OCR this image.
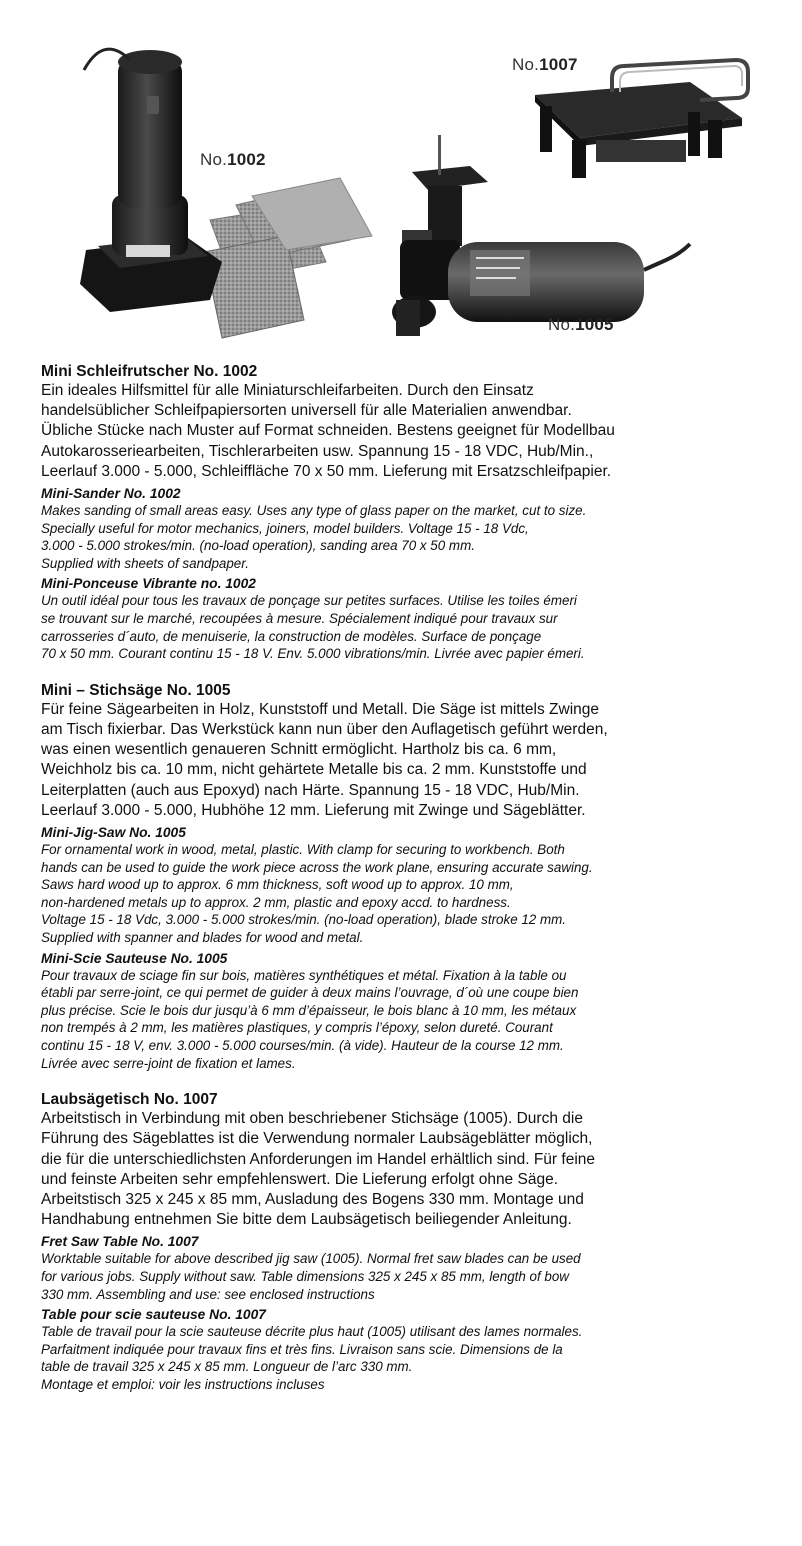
No.1002
No.1007
No.1005

Mini Schleifrutscher No. 1002

Ein ideales Hilfsmittel für alle Miniaturschleifarbeiten. Durch den Einsatz
handelsüblicher Schleifpapiersorten universell für alle Materialien anwendbar.
Übliche Stücke nach Muster auf Format schneiden. Bestens geeignet für Modellbau
Autokarosseriearbeiten, Tischlerarbeiten usw. Spannung 15 - 18 VDC, Hub/Min.,
Leerlauf 3.000 - 5.000, Schleiffläche 70 x 50 mm. Lieferung mit Ersatzschleifpapier.

Mini-Sander No. 1002

Makes sanding of small areas easy. Uses any type of glass paper on the market, cut to size.
Specially useful for motor mechanics, joiners, model builders. Voltage 15 - 18 Vdc,
3.000 - 5.000 strokes/min. (no-load operation), sanding area 70 x 50 mm.
Supplied with sheets of sandpaper.

Mini-Ponceuse Vibrante no. 1002

Un outil idéal pour tous les travaux de ponçage sur petites surfaces. Utilise les toiles émeri
se trouvant sur le marché, recoupées à mesure. Spécialement indiqué pour travaux sur
carrosseries d´auto, de menuiserie, la construction de modèles. Surface de ponçage
70 x 50 mm. Courant continu 15 - 18 V. Env. 5.000 vibrations/min. Livrée avec papier émeri.

Mini – Stichsäge No. 1005

Für feine Sägearbeiten in Holz, Kunststoff und Metall. Die Säge ist mittels Zwinge
am Tisch fixierbar. Das Werkstück kann nun über den Auflagetisch geführt werden,
was einen wesentlich genaueren Schnitt ermöglicht. Hartholz bis ca. 6 mm,
Weichholz bis ca. 10 mm, nicht gehärtete Metalle bis ca. 2 mm. Kunststoffe und
Leiterplatten (auch aus Epoxyd) nach Härte. Spannung 15 - 18 VDC, Hub/Min.
Leerlauf 3.000 - 5.000, Hubhöhe 12 mm. Lieferung mit Zwinge und Sägeblätter.

Mini-Jig-Saw No. 1005

For ornamental work in wood, metal, plastic. With clamp for securing to workbench. Both
hands can be used to guide the work piece across the work plane, ensuring accurate sawing.
Saws hard wood up to approx. 6 mm thickness, soft wood up to approx. 10 mm,
non-hardened metals up to approx. 2 mm, plastic and epoxy accd. to hardness.
Voltage 15 - 18 Vdc, 3.000 - 5.000 strokes/min. (no-load operation), blade stroke 12 mm.
Supplied with spanner and blades for wood and metal.

Mini-Scie Sauteuse No. 1005

Pour travaux de sciage fin sur bois, matières synthétiques et métal. Fixation à la table ou
établi par serre-joint, ce qui permet de guider à deux mains l’ouvrage, d´où une coupe bien
plus précise. Scie le bois dur jusqu’à 6 mm d’épaisseur, le bois blanc à 10 mm, les métaux
non trempés à 2 mm, les matières plastiques, y compris l’époxy, selon dureté. Courant
continu 15 - 18 V, env. 3.000 - 5.000 courses/min. (à vide). Hauteur de la course 12 mm.
Livrée avec serre-joint de fixation et lames.

Laubsägetisch No. 1007

Arbeitstisch in Verbindung mit oben beschriebener Stichsäge (1005). Durch die
Führung des Sägeblattes ist die Verwendung normaler Laubsägeblätter möglich,
die für die unterschiedlichsten Anforderungen im Handel erhältlich sind. Für feine
und feinste Arbeiten sehr empfehlenswert. Die Lieferung erfolgt ohne Säge.
Arbeitstisch 325 x 245 x 85 mm, Ausladung des Bogens 330 mm. Montage und
Handhabung entnehmen Sie bitte dem Laubsägetisch beiliegender Anleitung.

Fret Saw Table No. 1007

Worktable suitable for above described jig saw (1005). Normal fret saw blades can be used
for various jobs. Supply without saw. Table dimensions 325 x 245 x 85 mm, length of bow
330 mm. Assembling and use: see enclosed instructions

Table pour scie sauteuse No. 1007

Table de travail pour la scie sauteuse décrite plus haut (1005) utilisant des lames normales.
Parfaitment indiquée pour travaux fins et très fins. Livraison sans scie. Dimensions de la
table de travail 325 x 245 x 85 mm. Longueur de l’arc 330 mm.
Montage et emploi: voir les instructions incluses
